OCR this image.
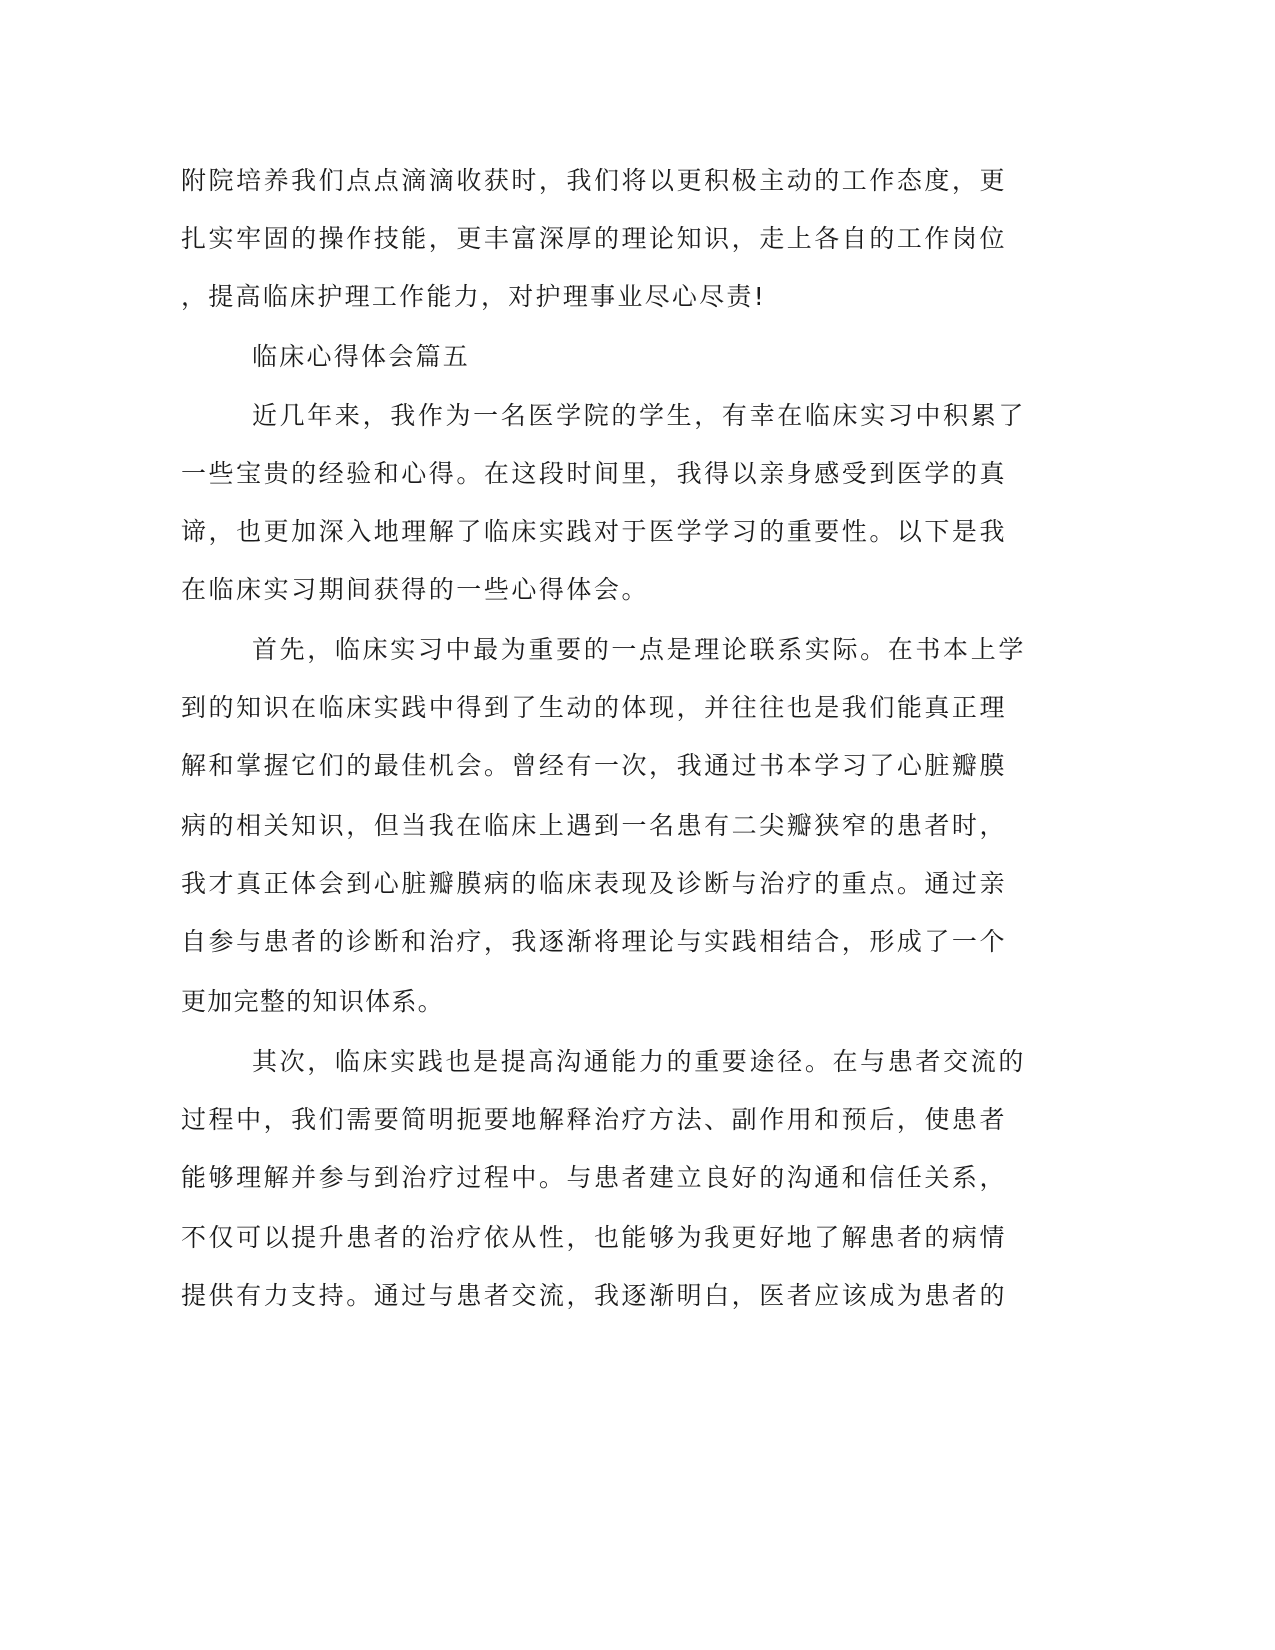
附院培养我们点点滴滴收获时，我们将以更积极主动的工作态度，更
扎实牢固的操作技能，更丰富深厚的理论知识，走上各自的工作岗位
，提高临床护理工作能力，对护理事业尽心尽责!
临床心得体会篇五
近几年来，我作为一名医学院的学生，有幸在临床实习中积累了
一些宝贵的经验和心得。在这段时间里，我得以亲身感受到医学的真
谛，也更加深入地理解了临床实践对于医学学习的重要性。以下是我
在临床实习期间获得的一些心得体会。
首先，临床实习中最为重要的一点是理论联系实际。在书本上学
到的知识在临床实践中得到了生动的体现，并往往也是我们能真正理
解和掌握它们的最佳机会。曾经有一次，我通过书本学习了心脏瓣膜
病的相关知识，但当我在临床上遇到一名患有二尖瓣狭窄的患者时，
我才真正体会到心脏瓣膜病的临床表现及诊断与治疗的重点。通过亲
自参与患者的诊断和治疗，我逐渐将理论与实践相结合，形成了一个
更加完整的知识体系。
其次，临床实践也是提高沟通能力的重要途径。在与患者交流的
过程中，我们需要简明扼要地解释治疗方法、副作用和预后，使患者
能够理解并参与到治疗过程中。与患者建立良好的沟通和信任关系，
不仅可以提升患者的治疗依从性，也能够为我更好地了解患者的病情
提供有力支持。通过与患者交流，我逐渐明白，医者应该成为患者的
